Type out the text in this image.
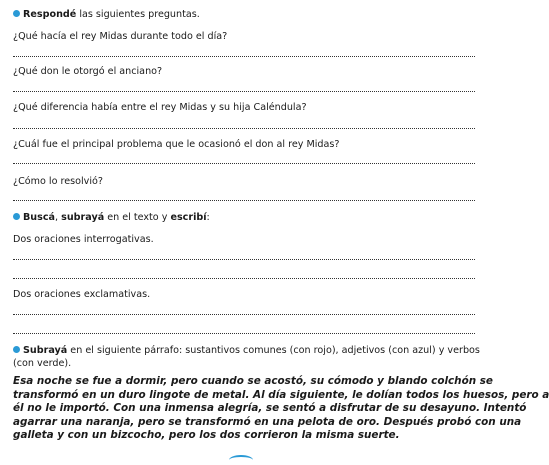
Respondé las siguientes preguntas.
¿Qué hacía el rey Midas durante todo el día?
¿Qué don le otorgó el anciano?
¿Qué diferencia había entre el rey Midas y su hija Caléndula?
¿Cuál fue el principal problema que le ocasionó el don al rey Midas?
¿Cómo lo resolvió?
Buscá, subrayá en el texto y escribí:
Dos oraciones interrogativas.
Dos oraciones exclamativas.
Subrayá en el siguiente párrafo: sustantivos comunes (con rojo), adjetivos (con azul) y verbos
(con verde).
Esa noche se fue a dormir, pero cuando se acostó, su cómodo y blando colchón se
transformó en un duro lingote de metal. Al día siguiente, le dolían todos los huesos, pero a
él no le importó. Con una inmensa alegría, se sentó a disfrutar de su desayuno. Intentó
agarrar una naranja, pero se transformó en una pelota de oro. Después probó con una
galleta y con un bizcocho, pero los dos corrieron la misma suerte.
